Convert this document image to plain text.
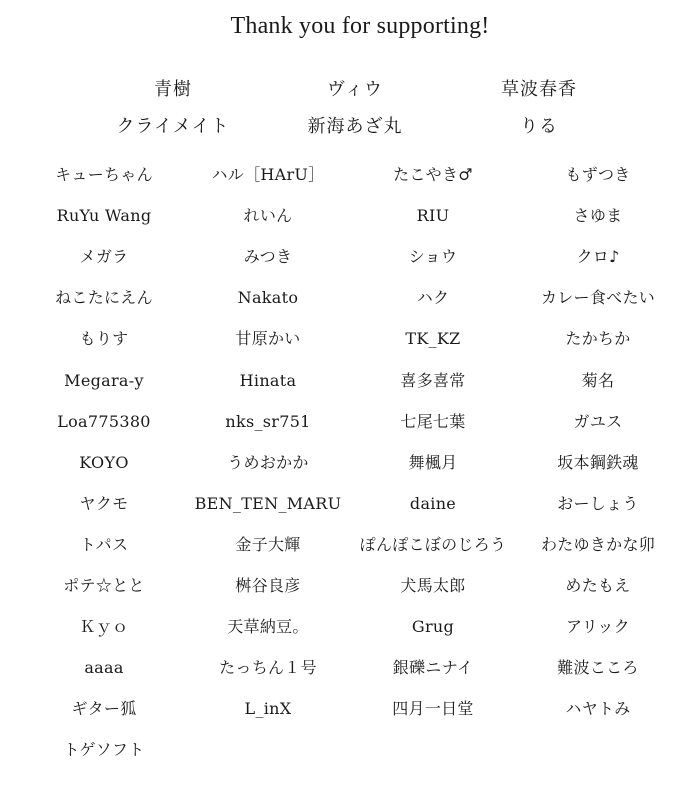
Thank you for supporting!
青樹	ヴィウ	草波春香
クライメイト	新海あざ丸	りる
キューちゃん	ハル［HArU］	たこやき♂	もずつき
RuYu Wang	れいん	RIU	さゆま
メガラ	みつき	ショウ	クロ♪
ねこたにえん	Nakato	ハク	カレー食べたい
もりす	甘原かい	TK_KZ	たかちか
Megara-y	Hinata	喜多喜常	菊名
Loa775380	nks_sr751	七尾七葉	ガユス
KOYO	うめおかか	舞楓月	坂本鋼鉄魂
ヤクモ	BEN_TEN_MARU	daine	おーしょう
トパス	金子大輝	ぽんぽこぼのじろう	わたゆきかな卯
ポテ☆とと	桝谷良彦	犬馬太郎	めたもえ
Ｋｙｏ	天草納豆。	Grug	アリック
aaaa	たっちん１号	銀礫ニナイ	難波こころ
ギター狐	L_inX	四月一日堂	ハヤトみ
トゲソフト
